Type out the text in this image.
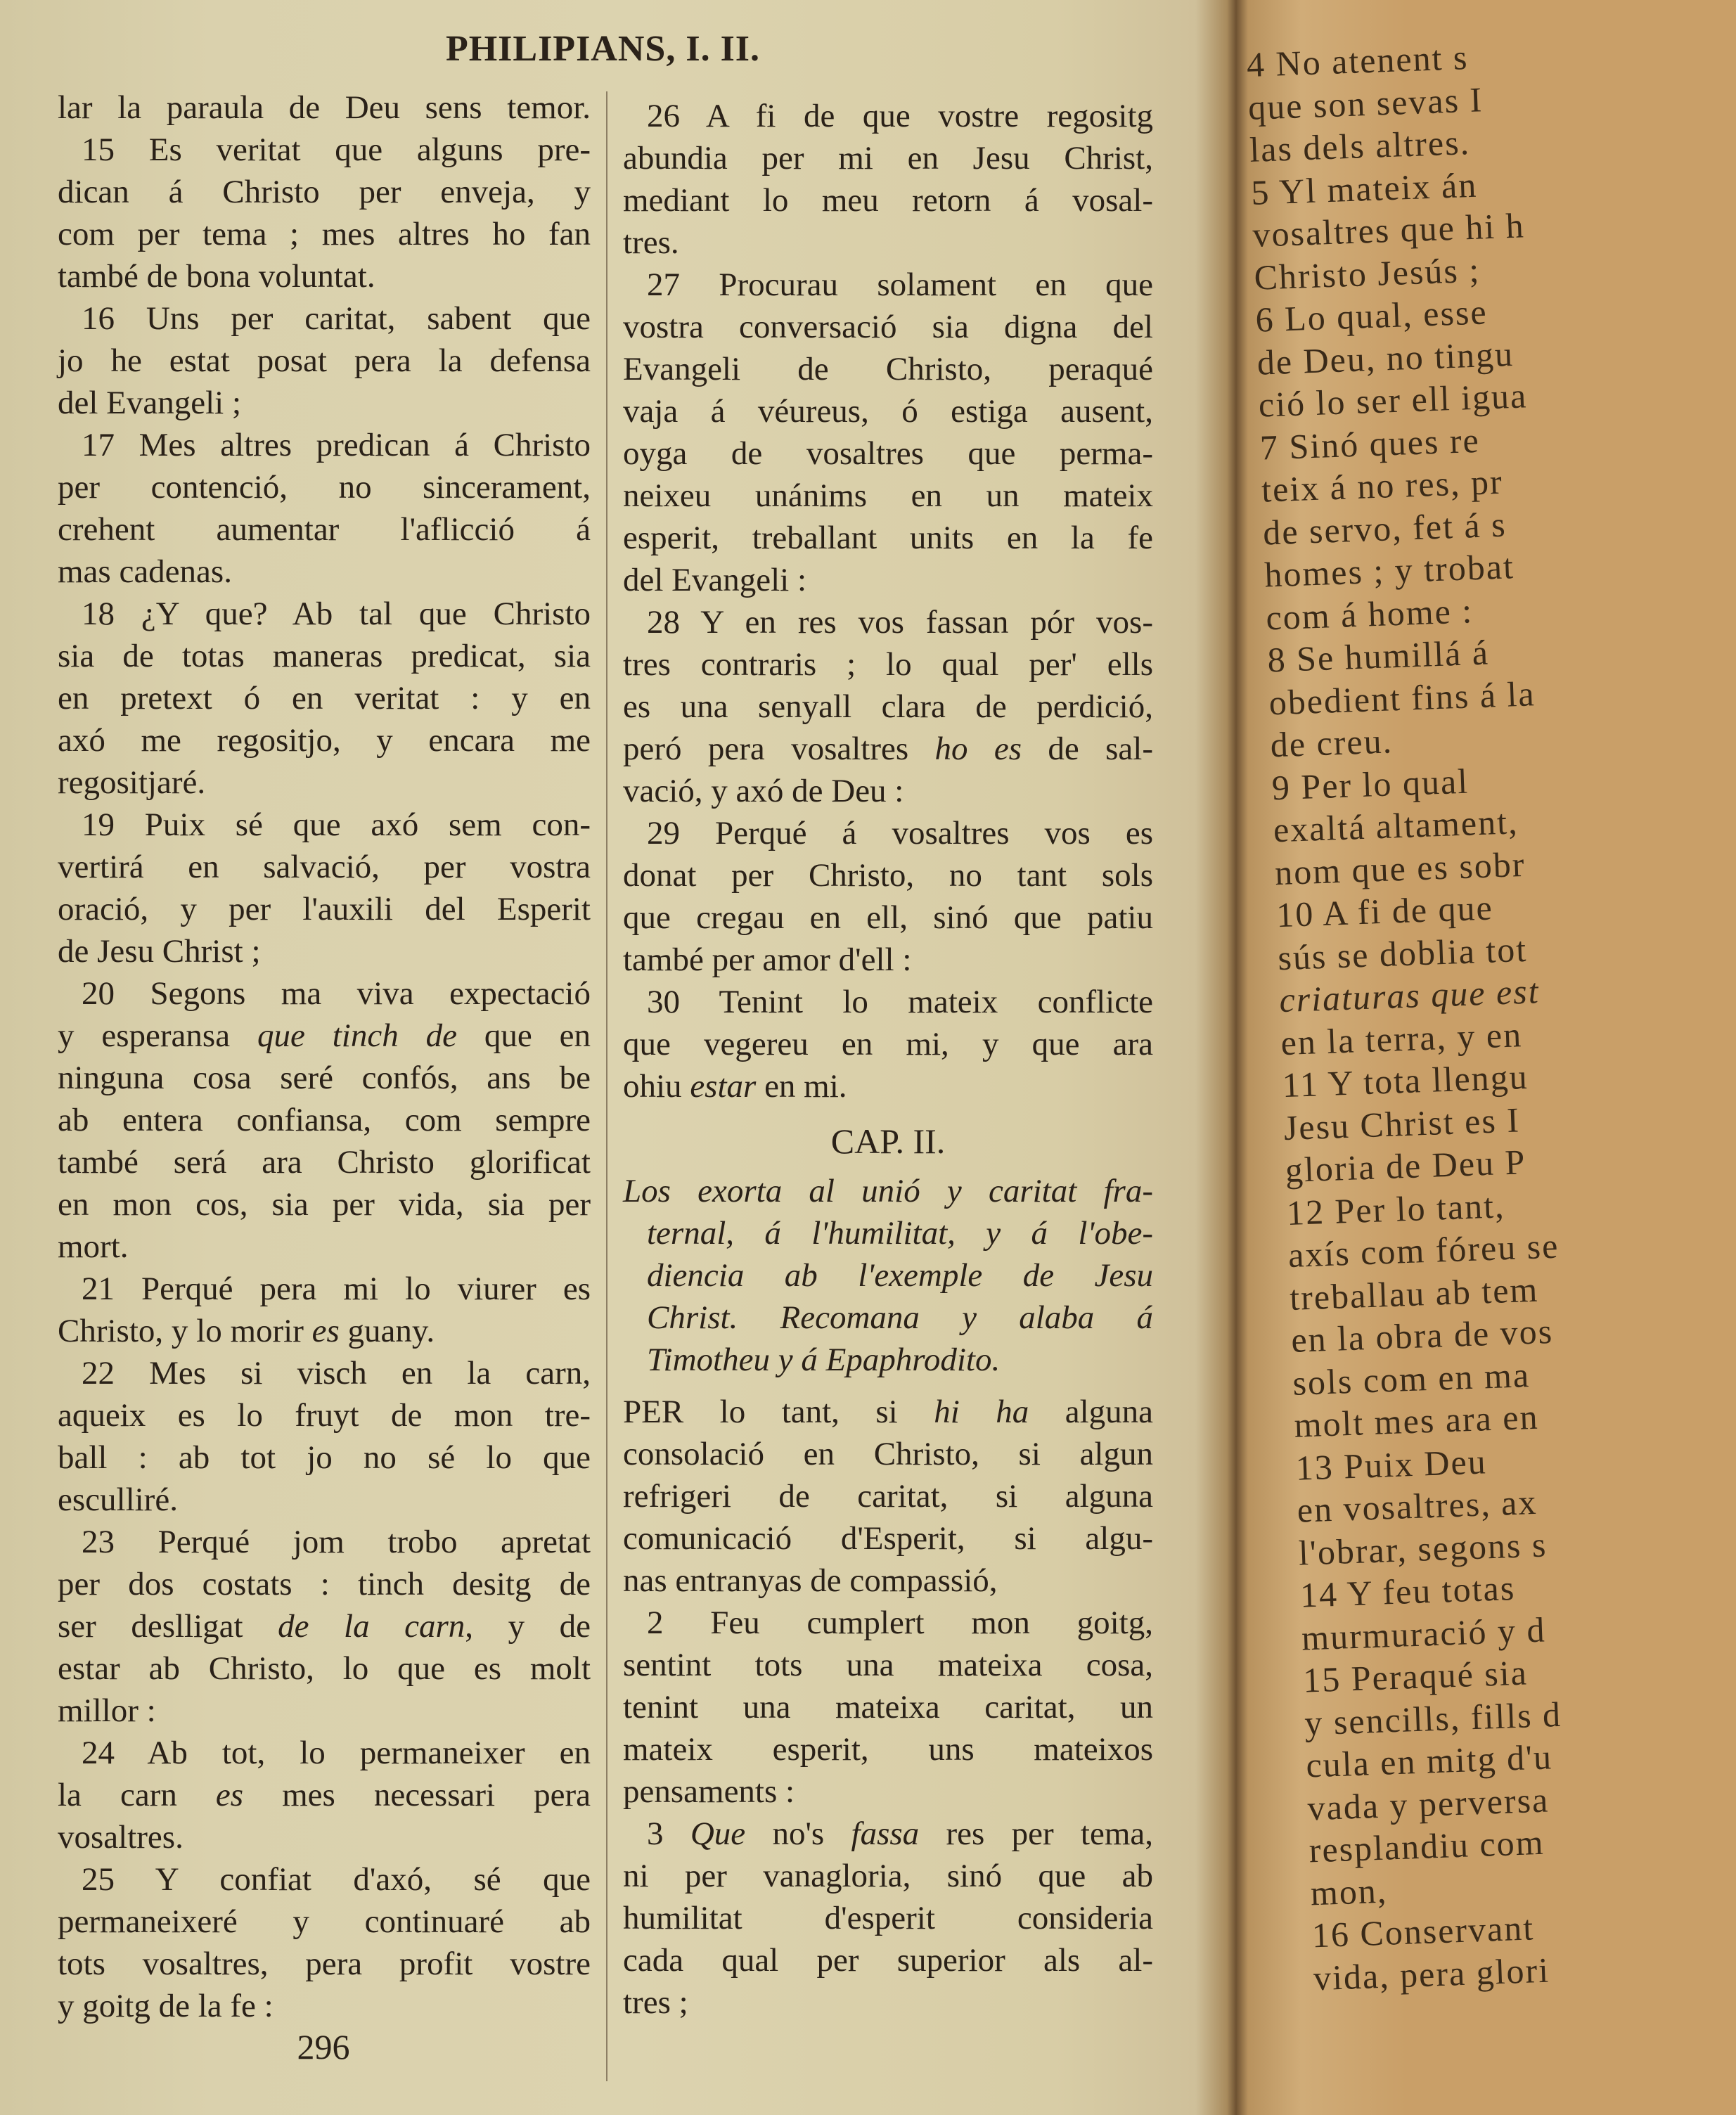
PHILIPIANS, I. II.
lar la paraula de Deu sens temor.
15 Es veritat que alguns pre-
dican á Christo per enveja, y
com per tema ; mes altres ho fan
també de bona voluntat.
16 Uns per caritat, sabent que
jo he estat posat pera la defensa
del Evangeli ;
17 Mes altres predican á Christo
per contenció, no sincerament,
crehent aumentar l'aflicció á
mas cadenas.
18 ¿Y que? Ab tal que Christo
sia de totas maneras predicat, sia
en pretext ó en veritat : y en
axó me regositjo, y encara me
regositjaré.
19 Puix sé que axó sem con-
vertirá en salvació, per vostra
oració, y per l'auxili del Esperit
de Jesu Christ ;
20 Segons ma viva expectació
y esperansa que tinch de que en
ninguna cosa seré confós, ans be
ab entera confiansa, com sempre
també será ara Christo glorificat
en mon cos, sia per vida, sia per
mort.
21 Perqué pera mi lo viurer es
Christo, y lo morir es guany.
22 Mes si visch en la carn,
aqueix es lo fruyt de mon tre-
ball : ab tot jo no sé lo que
esculliré.
23 Perqué jom trobo apretat
per dos costats : tinch desitg de
ser deslligat de la carn, y de
estar ab Christo, lo que es molt
millor :
24 Ab tot, lo permaneixer en
la carn es mes necessari pera
vosaltres.
25 Y confiat d'axó, sé que
permaneixeré y continuaré ab
tots vosaltres, pera profit vostre
y goitg de la fe :
26 A fi de que vostre regositg
abundia per mi en Jesu Christ,
mediant lo meu retorn á vosal-
tres.
27 Procurau solament en que
vostra conversació sia digna del
Evangeli de Christo, peraqué
vaja á véureus, ó estiga ausent,
oyga de vosaltres que perma-
neixeu unánims en un mateix
esperit, treballant units en la fe
del Evangeli :
28 Y en res vos fassan pór vos-
tres contraris ; lo qual per' ells
es una senyall clara de perdició,
peró pera vosaltres ho es de sal-
vació, y axó de Deu :
29 Perqué á vosaltres vos es
donat per Christo, no tant sols
que cregau en ell, sinó que patiu
també per amor d'ell :
30 Tenint lo mateix conflicte
que vegereu en mi, y que ara
ohiu estar en mi.
CAP. II.
Los exorta al unió y caritat fra-
ternal, á l'humilitat, y á l'obe-
diencia ab l'exemple de Jesu
Christ. Recomana y alaba á
Timotheu y á Epaphrodito.
PER lo tant, si hi ha alguna
consolació en Christo, si algun
refrigeri de caritat, si alguna
comunicació d'Esperit, si algu-
nas entranyas de compassió,
2 Feu cumplert mon goitg,
sentint tots una mateixa cosa,
tenint una mateixa caritat, un
mateix esperit, uns mateixos
pensaments :
3 Que no's fassa res per tema,
ni per vanagloria, sinó que ab
humilitat d'esperit consideria
cada qual per superior als al-
tres ;
296
4 No atenent s
que son sevas I
las dels altres.
5 Yl mateix án
vosaltres que hi h
Christo Jesús ;
6 Lo qual, esse
de Deu, no tingu
ció lo ser ell igua
7 Sinó ques re
teix á no res, pr
de servo, fet á s
homes ; y trobat
com á home :
8 Se humillá á
obedient fins á la
de creu.
9 Per lo qual
exaltá altament,
nom que es sobr
10 A fi de que
sús se doblia tot
criaturas que est
en la terra, y en
11 Y tota llengu
Jesu Christ es I
gloria de Deu P
12 Per lo tant,
axís com fóreu se
treballau ab tem
en la obra de vos
sols com en ma
molt mes ara en
13 Puix Deu
en vosaltres, ax
l'obrar, segons s
14 Y feu totas
murmuració y d
15 Peraqué sia
y sencills, fills d
cula en mitg d'u
vada y perversa
resplandiu com
mon,
16 Conservant
vida, pera glori
